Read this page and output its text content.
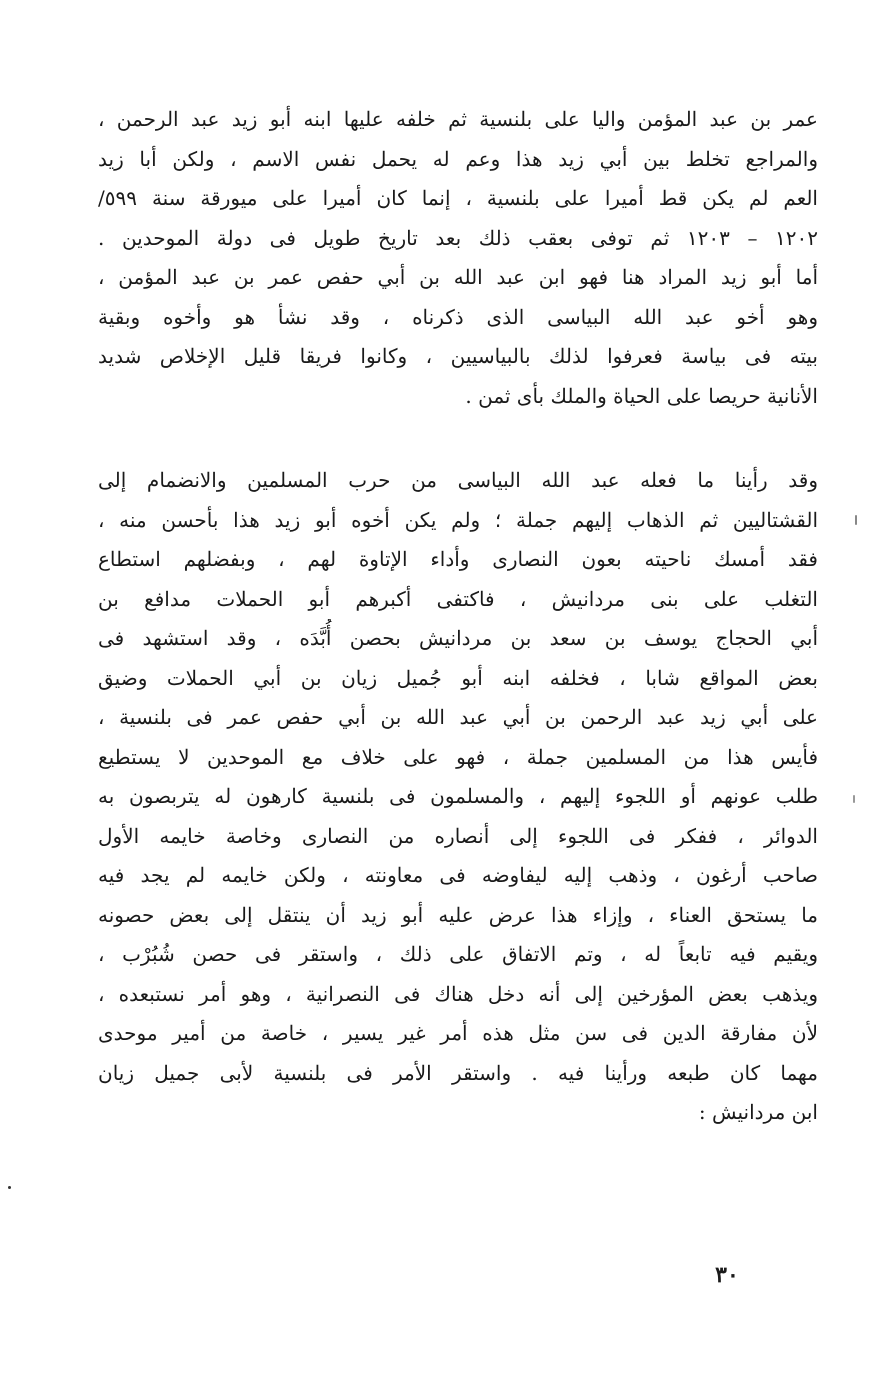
عمر بن عبد المؤمن واليا على بلنسية ثم خلفه عليها ابنه أبو زيد عبد الرحمن ،
والمراجع تخلط بين أبي زيد هذا وعم له يحمل نفس الاسم ، ولكن أبا زيد
العم لم يكن قط أميرا على بلنسية ، إنما كان أميرا على ميورقة سنة ٥٩٩/
١٢٠٢ – ١٢٠٣ ثم توفى بعقب ذلك بعد تاريخ طويل فى دولة الموحدين .
أما أبو زيد المراد هنا فهو ابن عبد الله بن أبي حفص عمر بن عبد المؤمن ،
وهو أخو عبد الله البياسى الذى ذكرناه ، وقد نشأ هو وأخوه وبقية
بيته فى بياسة فعرفوا لذلك بالبياسيين ، وكانوا فريقا قليل الإخلاص شديد
الأنانية حريصا على الحياة والملك بأى ثمن .
وقد رأينا ما فعله عبد الله البياسى من حرب المسلمين والانضمام إلى
القشتاليين ثم الذهاب إليهم جملة ؛ ولم يكن أخوه أبو زيد هذا بأحسن منه ،
فقد أمسك ناحيته بعون النصارى وأداء الإتاوة لهم ، وبفضلهم استطاع
التغلب على بنى مردانيش ، فاكتفى أكبرهم أبو الحملات مدافع بن
أبي الحجاج يوسف بن سعد بن مردانيش بحصن أُبَّدَه ، وقد استشهد فى
بعض المواقع شابا ، فخلفه ابنه أبو جُميل زيان بن أبي الحملات وضيق
على أبي زيد عبد الرحمن بن أبي عبد الله بن أبي حفص عمر فى بلنسية ،
فأيس هذا من المسلمين جملة ، فهو على خلاف مع الموحدين لا يستطيع
طلب عونهم أو اللجوء إليهم ، والمسلمون فى بلنسية كارهون له يتربصون به
الدوائر ، ففكر فى اللجوء إلى أنصاره من النصارى وخاصة خايمه الأول
صاحب أرغون ، وذهب إليه ليفاوضه فى معاونته ، ولكن خايمه لم يجد فيه
ما يستحق العناء ، وإزاء هذا عرض عليه أبو زيد أن ينتقل إلى بعض حصونه
ويقيم فيه تابعاً له ، وتم الاتفاق على ذلك ، واستقر فى حصن شُبُرْب ،
ويذهب بعض المؤرخين إلى أنه دخل هناك فى النصرانية ، وهو أمر نستبعده ،
لأن مفارقة الدين فى سن مثل هذه أمر غير يسير ، خاصة من أمير موحدى
مهما كان طبعه ورأينا فيه . واستقر الأمر فى بلنسية لأبى جميل زيان
ابن مردانيش :
٣٠
